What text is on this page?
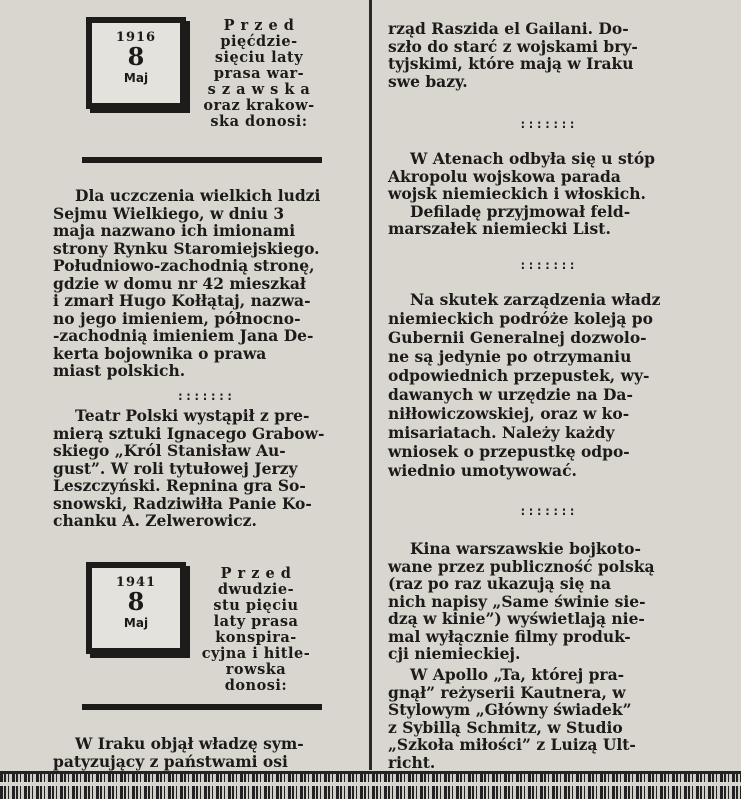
1916
8
Maj
P r z e d
pięćdzie-
sięciu laty
prasa war-
s z a w s k a
oraz krakow-
ska donosi:
Dla uczczenia wielkich ludzi
Sejmu Wielkiego, w dniu 3
maja nazwano ich imionami
strony Rynku Staromiejskiego.
Południowo-zachodnią stronę,
gdzie w domu nr 42 mieszkał
i zmarł Hugo Kołłątaj, nazwa-
no jego imieniem, północno-
-zachodnią imieniem Jana De-
kerta bojownika o prawa
miast polskich.
:::::::
Teatr Polski wystąpił z pre-
mierą sztuki Ignacego Grabow-
skiego „Król Stanisław Au-
gust”. W roli tytułowej Jerzy
Leszczyński. Repnina gra So-
snowski, Radziwiłła Panie Ko-
chanku A. Zelwerowicz.
1941
8
Maj
P r z e d
dwudzie-
stu pięciu
laty prasa
konspira-
cyjna i hitle-
rowska donosi:
W Iraku objął władzę sym-
patyzujący z państwami osi
rząd Raszida el Gailani. Do-
szło do starć z wojskami bry-
tyjskimi, które mają w Iraku
swe bazy.
:::::::
W Atenach odbyła się u stóp
Akropolu wojskowa parada
wojsk niemieckich i włoskich.
Defiladę przyjmował feld-
marszałek niemiecki List.
:::::::
Na skutek zarządzenia władz
niemieckich podróże koleją po
Gubernii Generalnej dozwolo-
ne są jedynie po otrzymaniu
odpowiednich przepustek, wy-
dawanych w urzędzie na Da-
niłłowiczowskiej, oraz w ko-
misariatach. Należy każdy
wniosek o przepustkę odpo-
wiednio umotywować.
:::::::
Kina warszawskie bojkoto-
wane przez publiczność polską
(raz po raz ukazują się na
nich napisy „Same świnie sie-
dzą w kinie”) wyświetlają nie-
mal wyłącznie filmy produk-
cji niemieckiej.
W Apollo „Ta, której pra-
gnął” reżyserii Kautnera, w
Stylowym „Główny świadek”
z Sybillą Schmitz, w Studio
„Szkoła miłości” z Luizą Ult-
richt.
